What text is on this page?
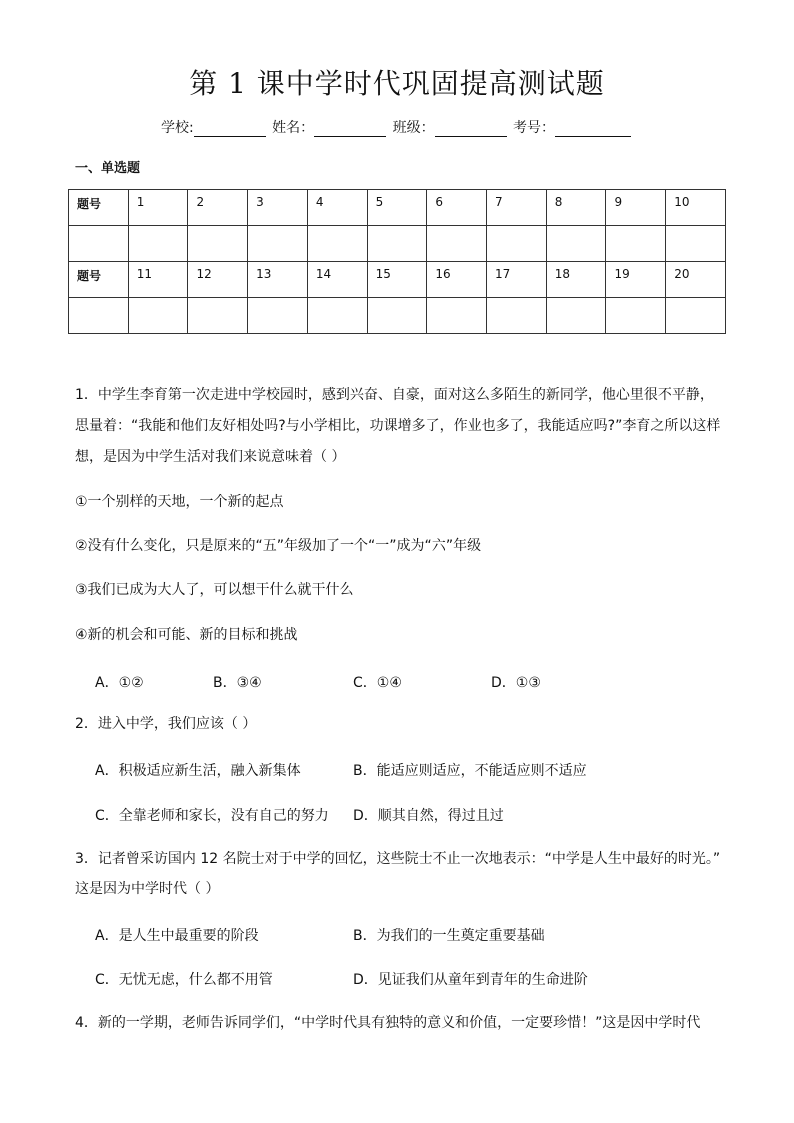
第 1 课中学时代巩固提高测试题
学校:	姓名：	班级：	考号：
一、单选题
题号	1	2	3	4	5	6	7	8	9	10

题号	11	12	13	14	15	16	17	18	19	20

1．中学生李育第一次走进中学校园时，感到兴奋、自豪，面对这么多陌生的新同学，他心里很不平静，
思量着：“我能和他们友好相处吗?与小学相比，功课增多了，作业也多了，我能适应吗?”李育之所以这样
想，是因为中学生活对我们来说意味着（ ）
①一个别样的天地，一个新的起点
②没有什么变化，只是原来的“五”年级加了一个“一”成为“六”年级
③我们已成为大人了，可以想干什么就干什么
④新的机会和可能、新的目标和挑战
A．①②	B．③④	C．①④	D．①③
2．进入中学，我们应该（ ）
A．积极适应新生活，融入新集体	B．能适应则适应，不能适应则不适应
C．全靠老师和家长，没有自己的努力 D．顺其自然，得过且过
3．记者曾采访国内 12 名院士对于中学的回忆，这些院士不止一次地表示：“中学是人生中最好的时光。”
这是因为中学时代（ ）
A．是人生中最重要的阶段	B．为我们的一生奠定重要基础
C．无忧无虑，什么都不用管	D．见证我们从童年到青年的生命进阶
4．新的一学期，老师告诉同学们，“中学时代具有独特的意义和价值，一定要珍惜！”这是因中学时代
